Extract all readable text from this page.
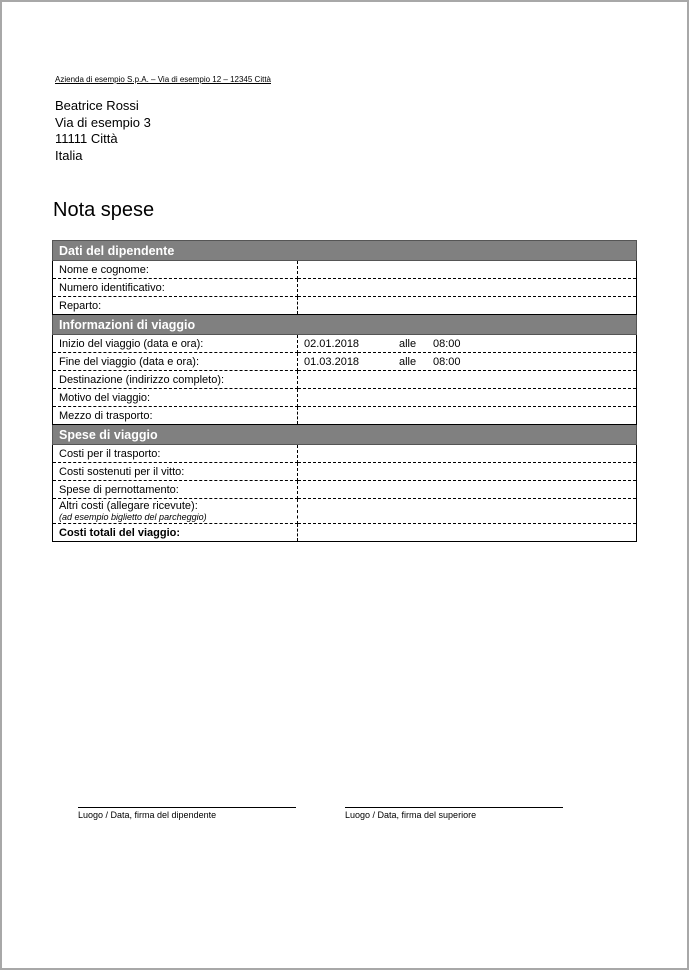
Azienda di esempio S.p.A. – Via di esempio 12 – 12345 Città
Beatrice Rossi
Via di esempio 3
11111 Città
Italia
Nota spese
Dati del dipendente	
Nome e cognome:	
Numero identificativo:	
Reparto:	
Informazioni di viaggio	
Inizio del viaggio (data e ora):	02.01.2018 alle 08:00
Fine del viaggio (data e ora):	01.03.2018 alle 08:00
Destinazione (indirizzo completo):	
Motivo del viaggio:	
Mezzo di trasporto:	
Spese di viaggio	
Costi per il trasporto:	
Costi sostenuti per il vitto:	
Spese di pernottamento:	

Altri costi (allegare ricevute):
(ad esempio biglietto del parcheggio)	

Costi totali del viaggio:	
Luogo / Data, firma del dipendente	Luogo / Data, firma del superiore
